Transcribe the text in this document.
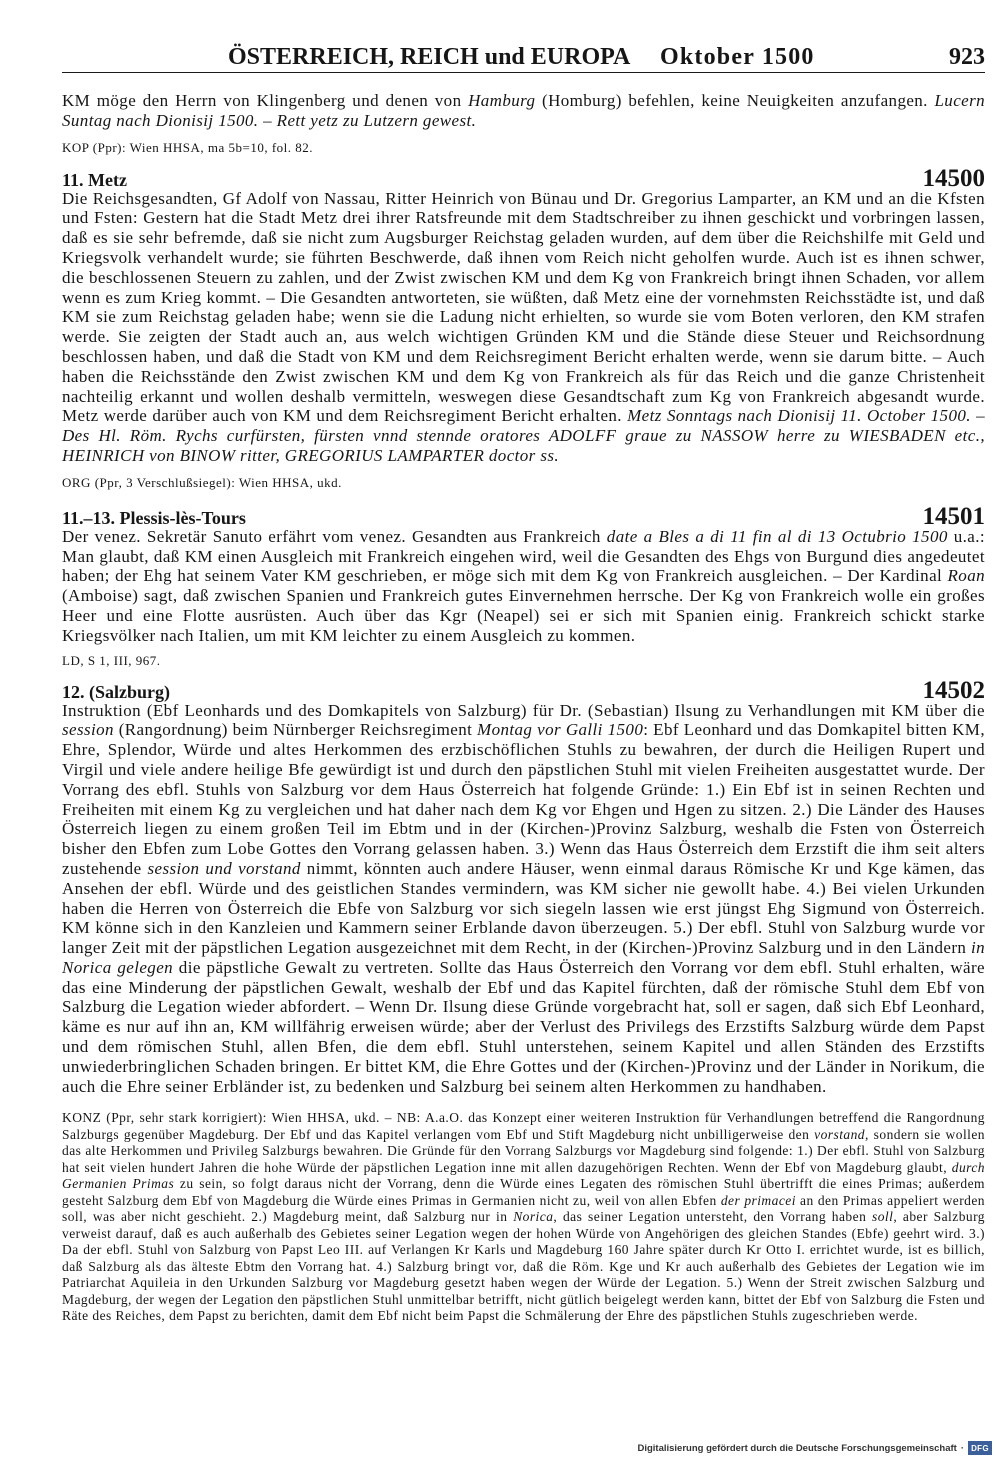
ÖSTERREICH, REICH und EUROPA Oktober 1500	923

KM möge den Herrn von Klingenberg und denen von Hamburg (Homburg) befehlen, keine Neuigkeiten anzufangen. Lucern Suntag nach Dionisij 1500. – Rett yetz zu Lutzern gewest.

KOP (Ppr): Wien HHSA, ma 5b=10, fol. 82.

11. Metz	14500

Die Reichsgesandten, Gf Adolf von Nassau, Ritter Heinrich von Bünau und Dr. Gregorius Lamparter, an KM und an die Kfsten und Fsten: Gestern hat die Stadt Metz drei ihrer Ratsfreunde mit dem Stadtschreiber zu ihnen geschickt und vorbringen lassen, daß es sie sehr befremde, daß sie nicht zum Augsburger Reichstag geladen wurden, auf dem über die Reichshilfe mit Geld und Kriegsvolk verhandelt wurde; sie führten Beschwerde, daß ihnen vom Reich nicht geholfen wurde. Auch ist es ihnen schwer, die beschlossenen Steuern zu zahlen, und der Zwist zwischen KM und dem Kg von Frankreich bringt ihnen Schaden, vor allem wenn es zum Krieg kommt. – Die Gesandten antworteten, sie wüßten, daß Metz eine der vornehmsten Reichsstädte ist, und daß KM sie zum Reichstag geladen habe; wenn sie die Ladung nicht erhielten, so wurde sie vom Boten verloren, den KM strafen werde. Sie zeigten der Stadt auch an, aus welch wichtigen Gründen KM und die Stände diese Steuer und Reichsordnung beschlossen haben, und daß die Stadt von KM und dem Reichsregiment Bericht erhalten werde, wenn sie darum bitte. – Auch haben die Reichsstände den Zwist zwischen KM und dem Kg von Frankreich als für das Reich und die ganze Christenheit nachteilig erkannt und wollen deshalb vermitteln, weswegen diese Gesandtschaft zum Kg von Frankreich abgesandt wurde. Metz werde darüber auch von KM und dem Reichsregiment Bericht erhalten. Metz Sonntags nach Dionisij 11. October 1500. – Des Hl. Röm. Rychs curfürsten, fürsten vnnd stennde oratores ADOLFF graue zu NASSOW herre zu WIESBADEN etc., HEINRICH von BINOW ritter, GREGORIUS LAMPARTER doctor ss.

ORG (Ppr, 3 Verschlußsiegel): Wien HHSA, ukd.

11.–13. Plessis-lès-Tours	14501

Der venez. Sekretär Sanuto erfährt vom venez. Gesandten aus Frankreich date a Bles a di 11 fin al di 13 Octubrio 1500 u.a.: Man glaubt, daß KM einen Ausgleich mit Frankreich eingehen wird, weil die Gesandten des Ehgs von Burgund dies angedeutet haben; der Ehg hat seinem Vater KM geschrieben, er möge sich mit dem Kg von Frankreich ausgleichen. – Der Kardinal Roan (Amboise) sagt, daß zwischen Spanien und Frankreich gutes Einvernehmen herrsche. Der Kg von Frankreich wolle ein großes Heer und eine Flotte ausrüsten. Auch über das Kgr (Neapel) sei er sich mit Spanien einig. Frankreich schickt starke Kriegsvölker nach Italien, um mit KM leichter zu einem Ausgleich zu kommen.

LD, S 1, III, 967.

12. (Salzburg)	14502

Instruktion (Ebf Leonhards und des Domkapitels von Salzburg) für Dr. (Sebastian) Ilsung zu Verhandlungen mit KM über die session (Rangordnung) beim Nürnberger Reichsregiment Montag vor Galli 1500: Ebf Leonhard und das Domkapitel bitten KM, Ehre, Splendor, Würde und altes Herkommen des erzbischöflichen Stuhls zu bewahren, der durch die Heiligen Rupert und Virgil und viele andere heilige Bfe gewürdigt ist und durch den päpstlichen Stuhl mit vielen Freiheiten ausgestattet wurde. Der Vorrang des ebfl. Stuhls von Salzburg vor dem Haus Österreich hat folgende Gründe: 1.) Ein Ebf ist in seinen Rechten und Freiheiten mit einem Kg zu vergleichen und hat daher nach dem Kg vor Ehgen und Hgen zu sitzen. 2.) Die Länder des Hauses Österreich liegen zu einem großen Teil im Ebtm und in der (Kirchen-)Provinz Salzburg, weshalb die Fsten von Österreich bisher den Ebfen zum Lobe Gottes den Vorrang gelassen haben. 3.) Wenn das Haus Österreich dem Erzstift die ihm seit alters zustehende session und vorstand nimmt, könnten auch andere Häuser, wenn einmal daraus Römische Kr und Kge kämen, das Ansehen der ebfl. Würde und des geistlichen Standes vermindern, was KM sicher nie gewollt habe. 4.) Bei vielen Urkunden haben die Herren von Österreich die Ebfe von Salzburg vor sich siegeln lassen wie erst jüngst Ehg Sigmund von Österreich. KM könne sich in den Kanzleien und Kammern seiner Erblande davon überzeugen. 5.) Der ebfl. Stuhl von Salzburg wurde vor langer Zeit mit der päpstlichen Legation ausgezeichnet mit dem Recht, in der (Kirchen-)Provinz Salzburg und in den Ländern in Norica gelegen die päpstliche Gewalt zu vertreten. Sollte das Haus Österreich den Vorrang vor dem ebfl. Stuhl erhalten, wäre das eine Minderung der päpstlichen Gewalt, weshalb der Ebf und das Kapitel fürchten, daß der römische Stuhl dem Ebf von Salzburg die Legation wieder abfordert. – Wenn Dr. Ilsung diese Gründe vorgebracht hat, soll er sagen, daß sich Ebf Leonhard, käme es nur auf ihn an, KM willfährig erweisen würde; aber der Verlust des Privilegs des Erzstifts Salzburg würde dem Papst und dem römischen Stuhl, allen Bfen, die dem ebfl. Stuhl unterstehen, seinem Kapitel und allen Ständen des Erzstifts unwiederbringlichen Schaden bringen. Er bittet KM, die Ehre Gottes und der (Kirchen-)Provinz und der Länder in Norikum, die auch die Ehre seiner Erbländer ist, zu bedenken und Salzburg bei seinem alten Herkommen zu handhaben.

KONZ (Ppr, sehr stark korrigiert): Wien HHSA, ukd. – NB: A.a.O. das Konzept einer weiteren Instruktion für Verhandlungen betreffend die Rangordnung Salzburgs gegenüber Magdeburg. Der Ebf und das Kapitel verlangen vom Ebf und Stift Magdeburg nicht unbilligerweise den vorstand, sondern sie wollen das alte Herkommen und Privileg Salzburgs bewahren. Die Gründe für den Vorrang Salzburgs vor Magdeburg sind folgende: 1.) Der ebfl. Stuhl von Salzburg hat seit vielen hundert Jahren die hohe Würde der päpstlichen Legation inne mit allen dazugehörigen Rechten. Wenn der Ebf von Magdeburg glaubt, durch Germanien Primas zu sein, so folgt daraus nicht der Vorrang, denn die Würde eines Legaten des römischen Stuhl übertrifft die eines Primas; außerdem gesteht Salzburg dem Ebf von Magdeburg die Würde eines Primas in Germanien nicht zu, weil von allen Ebfen der primacei an den Primas appeliert werden soll, was aber nicht geschieht. 2.) Magdeburg meint, daß Salzburg nur in Norica, das seiner Legation untersteht, den Vorrang haben soll, aber Salzburg verweist darauf, daß es auch außerhalb des Gebietes seiner Legation wegen der hohen Würde von Angehörigen des gleichen Standes (Ebfe) geehrt wird. 3.) Da der ebfl. Stuhl von Salzburg von Papst Leo III. auf Verlangen Kr Karls und Magdeburg 160 Jahre später durch Kr Otto I. errichtet wurde, ist es billich, daß Salzburg als das älteste Ebtm den Vorrang hat. 4.) Salzburg bringt vor, daß die Röm. Kge und Kr auch außerhalb des Gebietes der Legation wie im Patriarchat Aquileia in den Urkunden Salzburg vor Magdeburg gesetzt haben wegen der Würde der Legation. 5.) Wenn der Streit zwischen Salzburg und Magdeburg, der wegen der Legation den päpstlichen Stuhl unmittelbar betrifft, nicht gütlich beigelegt werden kann, bittet der Ebf von Salzburg die Fsten und Räte des Reiches, dem Papst zu berichten, damit dem Ebf nicht beim Papst die Schmälerung der Ehre des päpstlichen Stuhls zugeschrieben werde.

Digitalisierung gefördert durch die Deutsche Forschungsgemeinschaft · DFG
